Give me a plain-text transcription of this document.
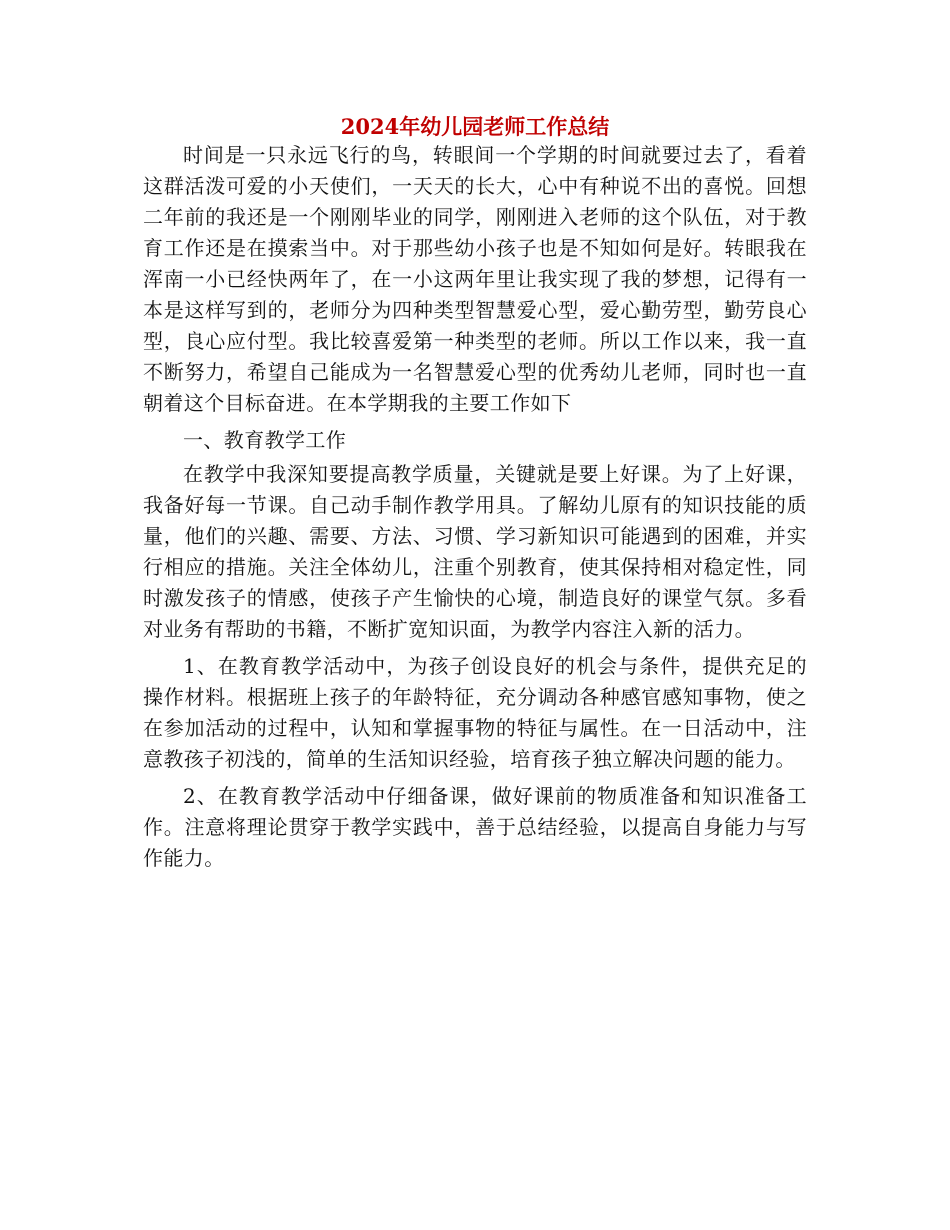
2024年幼儿园老师工作总结

时间是一只永远飞行的鸟，转眼间一个学期的时间就要过去了，看着这群活泼可爱的小天使们，一天天的长大，心中有种说不出的喜悦。回想二年前的我还是一个刚刚毕业的同学，刚刚进入老师的这个队伍，对于教育工作还是在摸索当中。对于那些幼小孩子也是不知如何是好。转眼我在浑南一小已经快两年了，在一小这两年里让我实现了我的梦想，记得有一本是这样写到的，老师分为四种类型智慧爱心型，爱心勤劳型，勤劳良心型，良心应付型。我比较喜爱第一种类型的老师。所以工作以来，我一直不断努力，希望自己能成为一名智慧爱心型的优秀幼儿老师，同时也一直朝着这个目标奋进。在本学期我的主要工作如下

一、教育教学工作

在教学中我深知要提高教学质量，关键就是要上好课。为了上好课，我备好每一节课。自己动手制作教学用具。了解幼儿原有的知识技能的质量，他们的兴趣、需要、方法、习惯、学习新知识可能遇到的困难，并实行相应的措施。关注全体幼儿，注重个别教育，使其保持相对稳定性，同时激发孩子的情感，使孩子产生愉快的心境，制造良好的课堂气氛。多看对业务有帮助的书籍，不断扩宽知识面，为教学内容注入新的活力。

1、在教育教学活动中，为孩子创设良好的机会与条件，提供充足的操作材料。根据班上孩子的年龄特征，充分调动各种感官感知事物，使之在参加活动的过程中，认知和掌握事物的特征与属性。在一日活动中，注意教孩子初浅的，简单的生活知识经验，培育孩子独立解决问题的能力。

2、在教育教学活动中仔细备课，做好课前的物质准备和知识准备工作。注意将理论贯穿于教学实践中，善于总结经验，以提高自身能力与写作能力。
